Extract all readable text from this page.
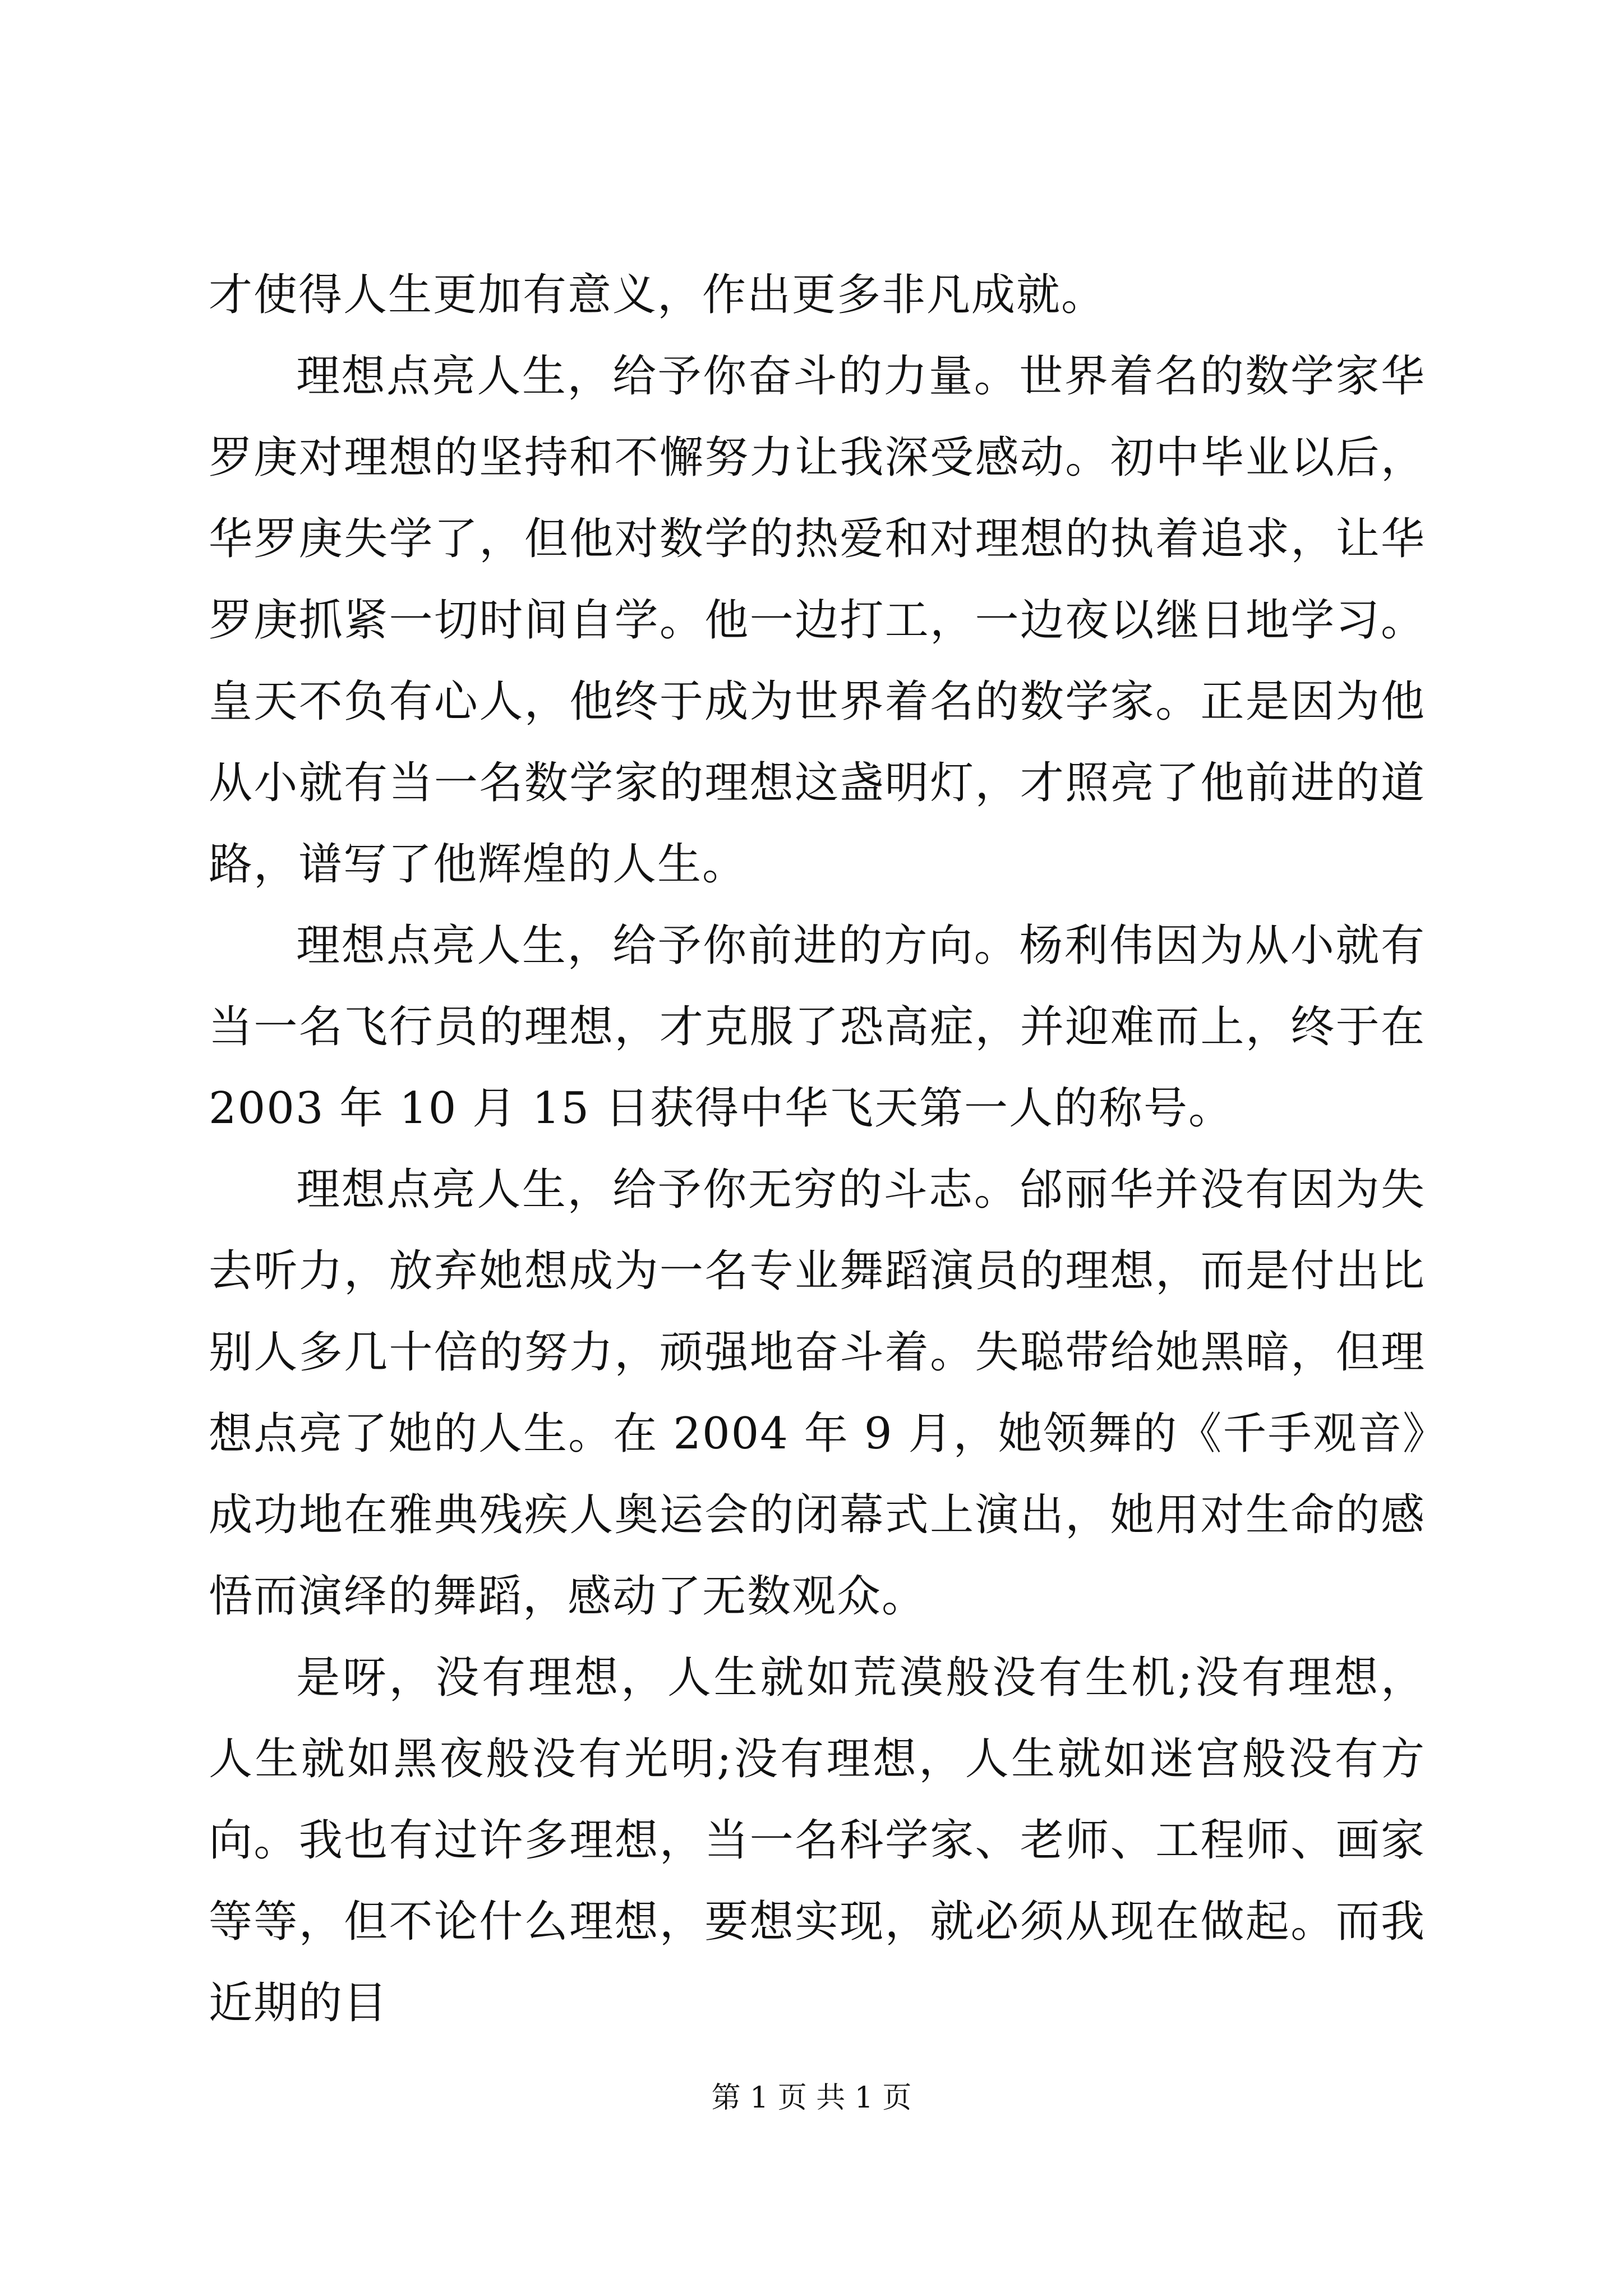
才使得人生更加有意义，作出更多非凡成就。

理想点亮人生，给予你奋斗的力量。世界着名的数学家华罗庚对理想的坚持和不懈努力让我深受感动。初中毕业以后，华罗庚失学了，但他对数学的热爱和对理想的执着追求，让华罗庚抓紧一切时间自学。他一边打工，一边夜以继日地学习。皇天不负有心人，他终于成为世界着名的数学家。正是因为他从小就有当一名数学家的理想这盏明灯，才照亮了他前进的道路，谱写了他辉煌的人生。

理想点亮人生，给予你前进的方向。杨利伟因为从小就有当一名飞行员的理想，才克服了恐高症，并迎难而上，终于在 2003 年 10 月 15 日获得中华飞天第一人的称号。

理想点亮人生，给予你无穷的斗志。邰丽华并没有因为失去听力，放弃她想成为一名专业舞蹈演员的理想，而是付出比别人多几十倍的努力，顽强地奋斗着。失聪带给她黑暗，但理想点亮了她的人生。在 2004 年 9 月，她领舞的《千手观音》成功地在雅典残疾人奥运会的闭幕式上演出，她用对生命的感悟而演绎的舞蹈，感动了无数观众。

是呀，没有理想，人生就如荒漠般没有生机;没有理想，人生就如黑夜般没有光明;没有理想，人生就如迷宫般没有方向。我也有过许多理想，当一名科学家、老师、工程师、画家等等，但不论什么理想，要想实现，就必须从现在做起。而我近期的目

第 1 页 共 1 页
